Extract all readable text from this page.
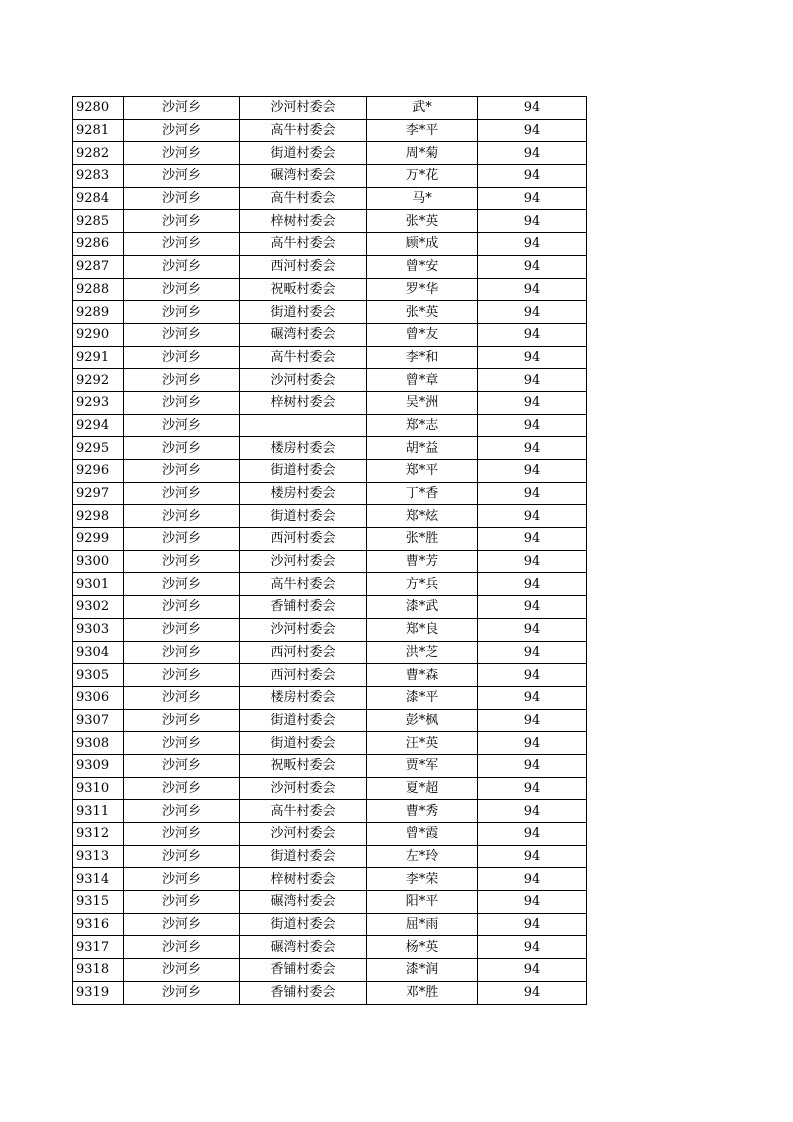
9280	沙河乡	沙河村委会	武*	94
9281	沙河乡	高牛村委会	李*平	94
9282	沙河乡	街道村委会	周*菊	94
9283	沙河乡	碾湾村委会	万*花	94
9284	沙河乡	高牛村委会	马*	94
9285	沙河乡	梓树村委会	张*英	94
9286	沙河乡	高牛村委会	顾*成	94
9287	沙河乡	西河村委会	曾*安	94
9288	沙河乡	祝畈村委会	罗*华	94
9289	沙河乡	街道村委会	张*英	94
9290	沙河乡	碾湾村委会	曾*友	94
9291	沙河乡	高牛村委会	李*和	94
9292	沙河乡	沙河村委会	曾*章	94
9293	沙河乡	梓树村委会	吴*洲	94
9294	沙河乡		郑*志	94
9295	沙河乡	楼房村委会	胡*益	94
9296	沙河乡	街道村委会	郑*平	94
9297	沙河乡	楼房村委会	丁*香	94
9298	沙河乡	街道村委会	郑*炫	94
9299	沙河乡	西河村委会	张*胜	94
9300	沙河乡	沙河村委会	曹*芳	94
9301	沙河乡	高牛村委会	方*兵	94
9302	沙河乡	香铺村委会	漆*武	94
9303	沙河乡	沙河村委会	郑*良	94
9304	沙河乡	西河村委会	洪*芝	94
9305	沙河乡	西河村委会	曹*森	94
9306	沙河乡	楼房村委会	漆*平	94
9307	沙河乡	街道村委会	彭*枫	94
9308	沙河乡	街道村委会	汪*英	94
9309	沙河乡	祝畈村委会	贾*军	94
9310	沙河乡	沙河村委会	夏*超	94
9311	沙河乡	高牛村委会	曹*秀	94
9312	沙河乡	沙河村委会	曾*霞	94
9313	沙河乡	街道村委会	左*玲	94
9314	沙河乡	梓树村委会	李*荣	94
9315	沙河乡	碾湾村委会	阳*平	94
9316	沙河乡	街道村委会	屈*雨	94
9317	沙河乡	碾湾村委会	杨*英	94
9318	沙河乡	香铺村委会	漆*润	94
9319	沙河乡	香铺村委会	邓*胜	94
